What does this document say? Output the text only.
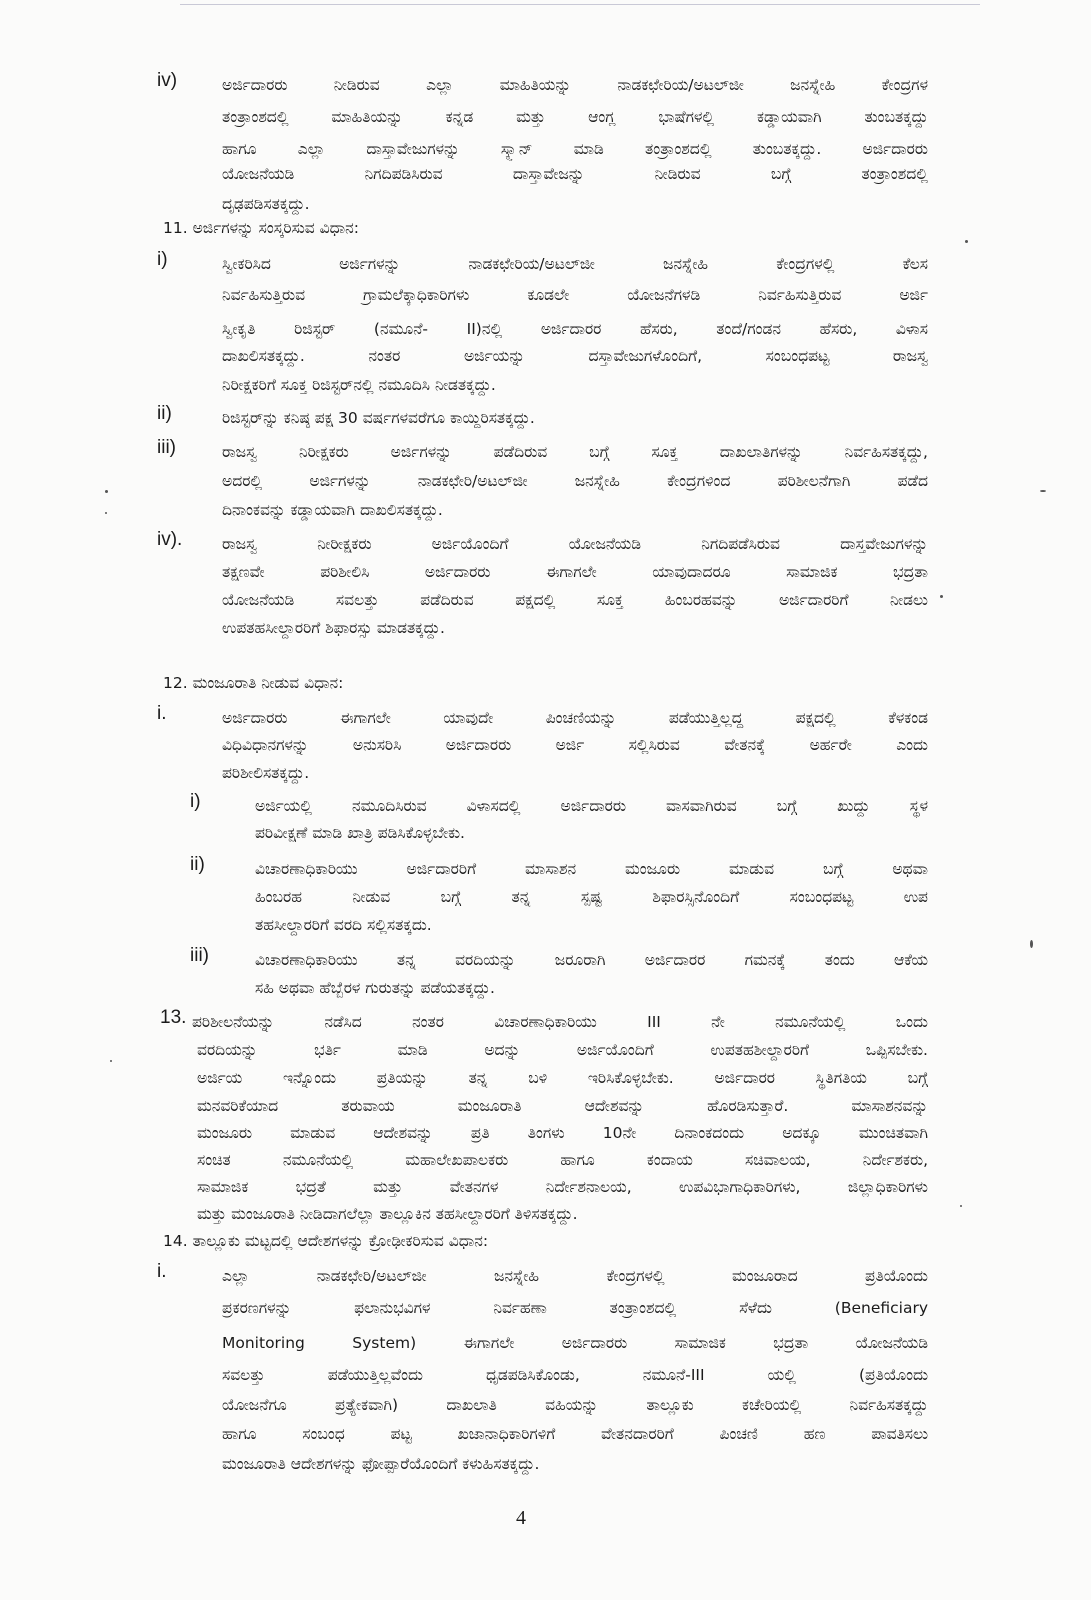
iv)	ಅರ್ಜಿದಾರರು ನೀಡಿರುವ ಎಲ್ಲಾ ಮಾಹಿತಿಯನ್ನು ನಾಡಕಛೇರಿಯ/ಅಟಲ್‌ಜೀ ಜನಸ್ನೇಹಿ ಕೇಂದ್ರಗಳ
ತಂತ್ರಾಂಶದಲ್ಲಿ ಮಾಹಿತಿಯನ್ನು ಕನ್ನಡ ಮತ್ತು ಆಂಗ್ಲ ಭಾಷೆಗಳಲ್ಲಿ ಕಡ್ಡಾಯವಾಗಿ ತುಂಬತಕ್ಕದ್ದು
ಹಾಗೂ ಎಲ್ಲಾ ದಾಸ್ತಾವೇಜುಗಳನ್ನು ಸ್ಕ್ಯಾನ್ ಮಾಡಿ ತಂತ್ರಾಂಶದಲ್ಲಿ ತುಂಬತಕ್ಕದ್ದು. ಅರ್ಜಿದಾರರು
ಯೋಜನೆಯಡಿ ನಿಗದಿಪಡಿಸಿರುವ ದಾಸ್ತಾವೇಜನ್ನು ನೀಡಿರುವ ಬಗ್ಗೆ ತಂತ್ರಾಂಶದಲ್ಲಿ
ದೃಢಪಡಿಸತಕ್ಕದ್ದು.
11. ಅರ್ಜಿಗಳನ್ನು ಸಂಸ್ಕರಿಸುವ ವಿಧಾನ:
i)	ಸ್ವೀಕರಿಸಿದ ಅರ್ಜಿಗಳನ್ನು ನಾಡಕಛೇರಿಯ/ಅಟಲ್‌ಜೀ ಜನಸ್ನೇಹಿ ಕೇಂದ್ರಗಳಲ್ಲಿ ಕೆಲಸ
ನಿರ್ವಹಿಸುತ್ತಿರುವ ಗ್ರಾಮಲೆಕ್ಕಾಧಿಕಾರಿಗಳು ಕೂಡಲೇ ಯೋಜನೆಗಳಡಿ ನಿರ್ವಹಿಸುತ್ತಿರುವ ಅರ್ಜಿ
ಸ್ವೀಕೃತಿ ರಿಜಿಸ್ಟರ್ (ನಮೂನೆ- II)ನಲ್ಲಿ ಅರ್ಜಿದಾರರ ಹೆಸರು, ತಂದೆ/ಗಂಡನ ಹೆಸರು, ವಿಳಾಸ
ದಾಖಲಿಸತಕ್ಕದ್ದು. ನಂತರ ಅರ್ಜಿಯನ್ನು ದಸ್ತಾವೇಜುಗಳೊಂದಿಗೆ, ಸಂಬಂಧಪಟ್ಟ ರಾಜಸ್ವ
ನಿರೀಕ್ಷಕರಿಗೆ ಸೂಕ್ತ ರಿಜಿಸ್ಟರ್‌ನಲ್ಲಿ ನಮೂದಿಸಿ ನೀಡತಕ್ಕದ್ದು.
ii)	ರಿಜಿಸ್ಟರ್‌ನ್ನು ಕನಿಷ್ಠ ಪಕ್ಷ 30 ವರ್ಷಗಳವರೆಗೂ ಕಾಯ್ದಿರಿಸತಕ್ಕದ್ದು.
iii)	ರಾಜಸ್ವ ನಿರೀಕ್ಷಕರು ಅರ್ಜಿಗಳನ್ನು ಪಡೆದಿರುವ ಬಗ್ಗೆ ಸೂಕ್ತ ದಾಖಲಾತಿಗಳನ್ನು ನಿರ್ವಹಿಸತಕ್ಕದ್ದು,
ಅದರಲ್ಲಿ ಅರ್ಜಿಗಳನ್ನು ನಾಡಕಛೇರಿ/ಅಟಲ್‌ಜೀ ಜನಸ್ನೇಹಿ ಕೇಂದ್ರಗಳಿಂದ ಪರಿಶೀಲನೆಗಾಗಿ ಪಡೆದ
ದಿನಾಂಕವನ್ನು ಕಡ್ಡಾಯವಾಗಿ ದಾಖಲಿಸತಕ್ಕದ್ದು.
iv).	ರಾಜಸ್ವ ನೀರೀಕ್ಷಕರು ಅರ್ಜಿಯೊಂದಿಗೆ ಯೋಜನೆಯಡಿ ನಿಗದಿಪಡೆಸಿರುವ ದಾಸ್ತವೇಜುಗಳನ್ನು
ತಕ್ಷಣವೇ ಪರಿಶೀಲಿಸಿ ಅರ್ಜಿದಾರರು ಈಗಾಗಲೇ ಯಾವುದಾದರೂ ಸಾಮಾಜಿಕ ಭದ್ರತಾ
ಯೋಜನೆಯಡಿ ಸವಲತ್ತು ಪಡೆದಿರುವ ಪಕ್ಷದಲ್ಲಿ ಸೂಕ್ತ ಹಿಂಬರಹವನ್ನು ಅರ್ಜಿದಾರರಿಗೆ ನೀಡಲು
ಉಪತಹಸೀಲ್ದಾರರಿಗೆ ಶಿಫಾರಸ್ಸು ಮಾಡತಕ್ಕದ್ದು.
12. ಮಂಜೂರಾತಿ ನೀಡುವ ವಿಧಾನ:
i.	ಅರ್ಜಿದಾರರು ಈಗಾಗಲೇ ಯಾವುದೇ ಪಿಂಚಣಿಯನ್ನು ಪಡೆಯುತ್ತಿಲ್ಲದ್ದ ಪಕ್ಷದಲ್ಲಿ ಕೆಳಕಂಡ
ವಿಧಿವಿಧಾನಗಳನ್ನು ಅನುಸರಿಸಿ ಅರ್ಜಿದಾರರು ಅರ್ಜಿ ಸಲ್ಲಿಸಿರುವ ವೇತನಕ್ಕೆ ಅರ್ಹರೇ ಎಂದು
ಪರಿಶೀಲಿಸತಕ್ಕದ್ದು.
i)	ಅರ್ಜಿಯಲ್ಲಿ ನಮೂದಿಸಿರುವ ವಿಳಾಸದಲ್ಲಿ ಅರ್ಜಿದಾರರು ವಾಸವಾಗಿರುವ ಬಗ್ಗೆ ಖುದ್ದು ಸ್ಥಳ
ಪರಿವೀಕ್ಷಣೆ ಮಾಡಿ ಖಾತ್ರಿ ಪಡಿಸಿಕೊಳ್ಳಬೇಕು.
ii)	ವಿಚಾರಣಾಧಿಕಾರಿಯು ಅರ್ಜಿದಾರರಿಗೆ ಮಾಸಾಶನ ಮಂಜೂರು ಮಾಡುವ ಬಗ್ಗೆ ಅಥವಾ
ಹಿಂಬರಹ ನೀಡುವ ಬಗ್ಗೆ ತನ್ನ ಸ್ಪಷ್ಟ ಶಿಫಾರಸ್ಸಿನೊಂದಿಗೆ ಸಂಬಂಧಪಟ್ಟ ಉಪ
ತಹಸೀಲ್ದಾರರಿಗೆ ವರದಿ ಸಲ್ಲಿಸತಕ್ಕದು.
iii)	ವಿಚಾರಣಾಧಿಕಾರಿಯು ತನ್ನ ವರದಿಯನ್ನು ಜರೂರಾಗಿ ಅರ್ಜಿದಾರರ ಗಮನಕ್ಕೆ ತಂದು ಆಕೆಯ
ಸಹಿ ಅಥವಾ ಹೆಬ್ಬೆರಳ ಗುರುತನ್ನು ಪಡೆಯತಕ್ಕದ್ದು.
13. ಪರಿಶೀಲನೆಯನ್ನು ನಡೆಸಿದ ನಂತರ ವಿಚಾರಣಾಧಿಕಾರಿಯು III ನೇ ನಮೂನೆಯಲ್ಲಿ ಒಂದು
ವರದಿಯನ್ನು ಭರ್ತಿ ಮಾಡಿ ಅದನ್ನು ಅರ್ಜಿಯೊಂದಿಗೆ ಉಪತಹಶೀಲ್ದಾರರಿಗೆ ಒಪ್ಪಿಸಬೇಕು.
ಅರ್ಜಿಯ ಇನ್ನೊಂದು ಪ್ರತಿಯನ್ನು ತನ್ನ ಬಳಿ ಇರಿಸಿಕೊಳ್ಳಬೇಕು. ಅರ್ಜಿದಾರರ ಸ್ಥಿತಿಗತಿಯ ಬಗ್ಗೆ
ಮನವರಿಕೆಯಾದ ತರುವಾಯ ಮಂಜೂರಾತಿ ಆದೇಶವನ್ನು ಹೊರಡಿಸುತ್ತಾರೆ. ಮಾಸಾಶನವನ್ನು
ಮಂಜೂರು ಮಾಡುವ ಆದೇಶವನ್ನು ಪ್ರತಿ ತಿಂಗಳು 10ನೇ ದಿನಾಂಕದಂದು ಅದಕ್ಕೂ ಮುಂಚಿತವಾಗಿ
ಸಂಚಿತ ನಮೂನೆಯಲ್ಲಿ ಮಹಾಲೇಖಪಾಲಕರು ಹಾಗೂ ಕಂದಾಯ ಸಚಿವಾಲಯ, ನಿರ್ದೇಶಕರು,
ಸಾಮಾಜಿಕ ಭದ್ರತೆ ಮತ್ತು ವೇತನಗಳ ನಿರ್ದೇಶನಾಲಯ, ಉಪವಿಭಾಗಾಧಿಕಾರಿಗಳು, ಜಿಲ್ಲಾಧಿಕಾರಿಗಳು
ಮತ್ತು ಮಂಜೂರಾತಿ ನೀಡಿದಾಗಲೆಲ್ಲಾ ತಾಲ್ಲೂಕಿನ ತಹಸೀಲ್ದಾರರಿಗೆ ತಿಳಿಸತಕ್ಕದ್ದು.
14. ತಾಲ್ಲೂಕು ಮಟ್ಟದಲ್ಲಿ ಆದೇಶಗಳನ್ನು ಕ್ರೋಢೀಕರಿಸುವ ವಿಧಾನ:
i.	ಎಲ್ಲಾ ನಾಡಕಛೇರಿ/ಅಟಲ್‌ಜೀ ಜನಸ್ನೇಹಿ ಕೇಂದ್ರಗಳಲ್ಲಿ ಮಂಜೂರಾದ ಪ್ರತಿಯೊಂದು
ಪ್ರಕರಣಗಳನ್ನು ಫಲಾನುಭವಿಗಳ ನಿರ್ವಹಣಾ ತಂತ್ರಾಂಶದಲ್ಲಿ ಸೆಳೆದು (Beneficiary
Monitoring System) ಈಗಾಗಲೇ ಅರ್ಜಿದಾರರು ಸಾಮಾಜಿಕ ಭದ್ರತಾ ಯೋಜನೆಯಡಿ
ಸವಲತ್ತು ಪಡೆಯುತ್ತಿಲ್ಲವೆಂದು ಧೃಡಪಡಿಸಿಕೊಂಡು, ನಮೂನೆ-III ಯಲ್ಲಿ (ಪ್ರತಿಯೊಂದು
ಯೋಜನೆಗೂ ಪ್ರತ್ಯೇಕವಾಗಿ) ದಾಖಲಾತಿ ವಹಿಯನ್ನು ತಾಲ್ಲೂಕು ಕಚೇರಿಯಲ್ಲಿ ನಿರ್ವಹಿಸತಕ್ಕದ್ದು
ಹಾಗೂ ಸಂಬಂಧ ಪಟ್ಟ ಖಜಾನಾಧಿಕಾರಿಗಳಿಗೆ ವೇತನದಾರರಿಗೆ ಪಿಂಚಣಿ ಹಣ ಪಾವತಿಸಲು
ಮಂಜೂರಾತಿ ಆದೇಶಗಳನ್ನು ಫೋಪ್ಪಾರೆಯೊಂದಿಗೆ ಕಳುಹಿಸತಕ್ಕದ್ದು.
4
